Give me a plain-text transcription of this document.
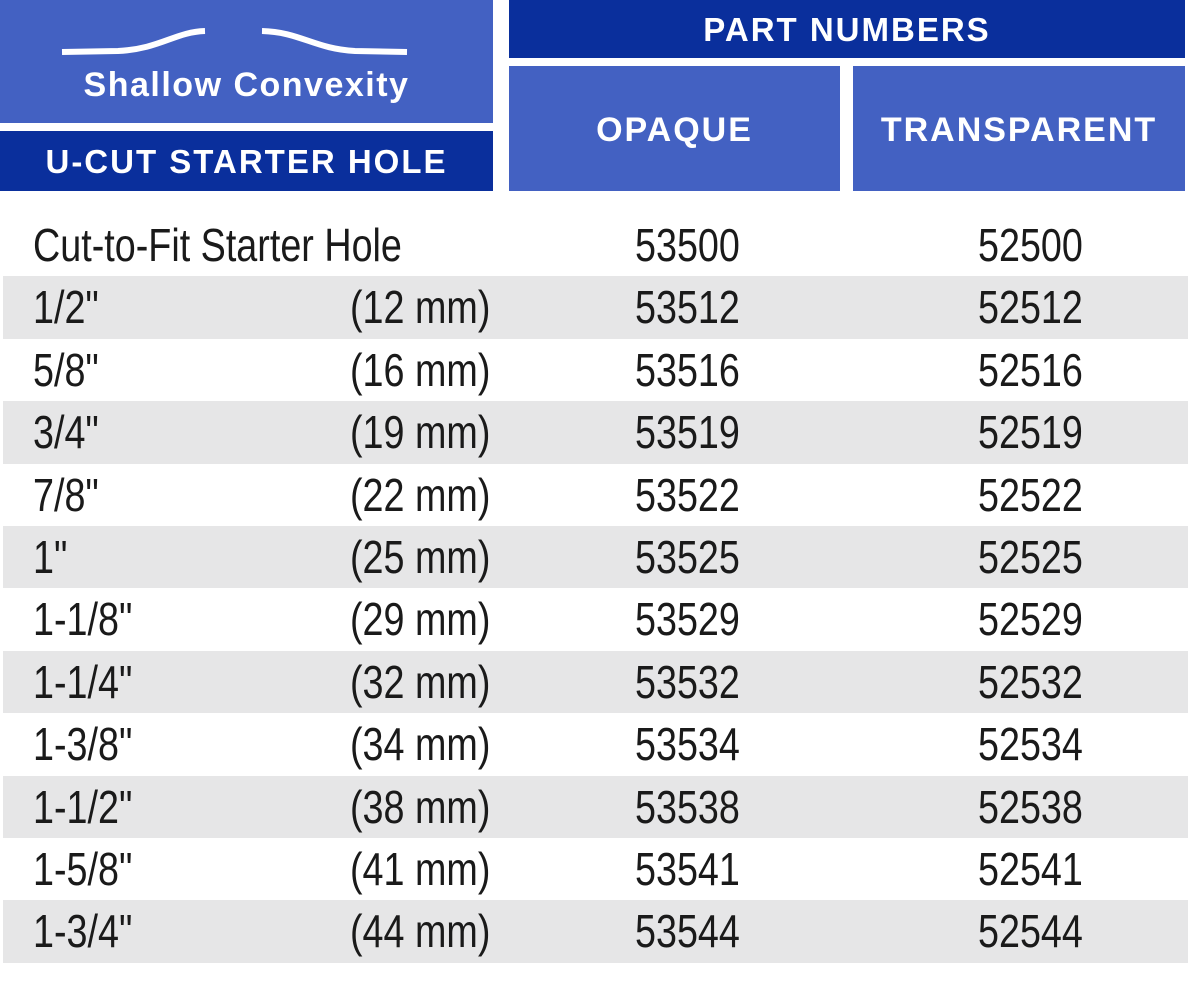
Shallow Convexity
U-CUT STARTER HOLE
PART NUMBERS
OPAQUE	TRANSPARENT
Cut-to-Fit Starter Hole	53500	52500
1/2"	(12 mm)	53512	52512
5/8"	(16 mm)	53516	52516
3/4"	(19 mm)	53519	52519
7/8"	(22 mm)	53522	52522
1"	(25 mm)	53525	52525
1-1/8"	(29 mm)	53529	52529
1-1/4"	(32 mm)	53532	52532
1-3/8"	(34 mm)	53534	52534
1-1/2"	(38 mm)	53538	52538
1-5/8"	(41 mm)	53541	52541
1-3/4"	(44 mm)	53544	52544
